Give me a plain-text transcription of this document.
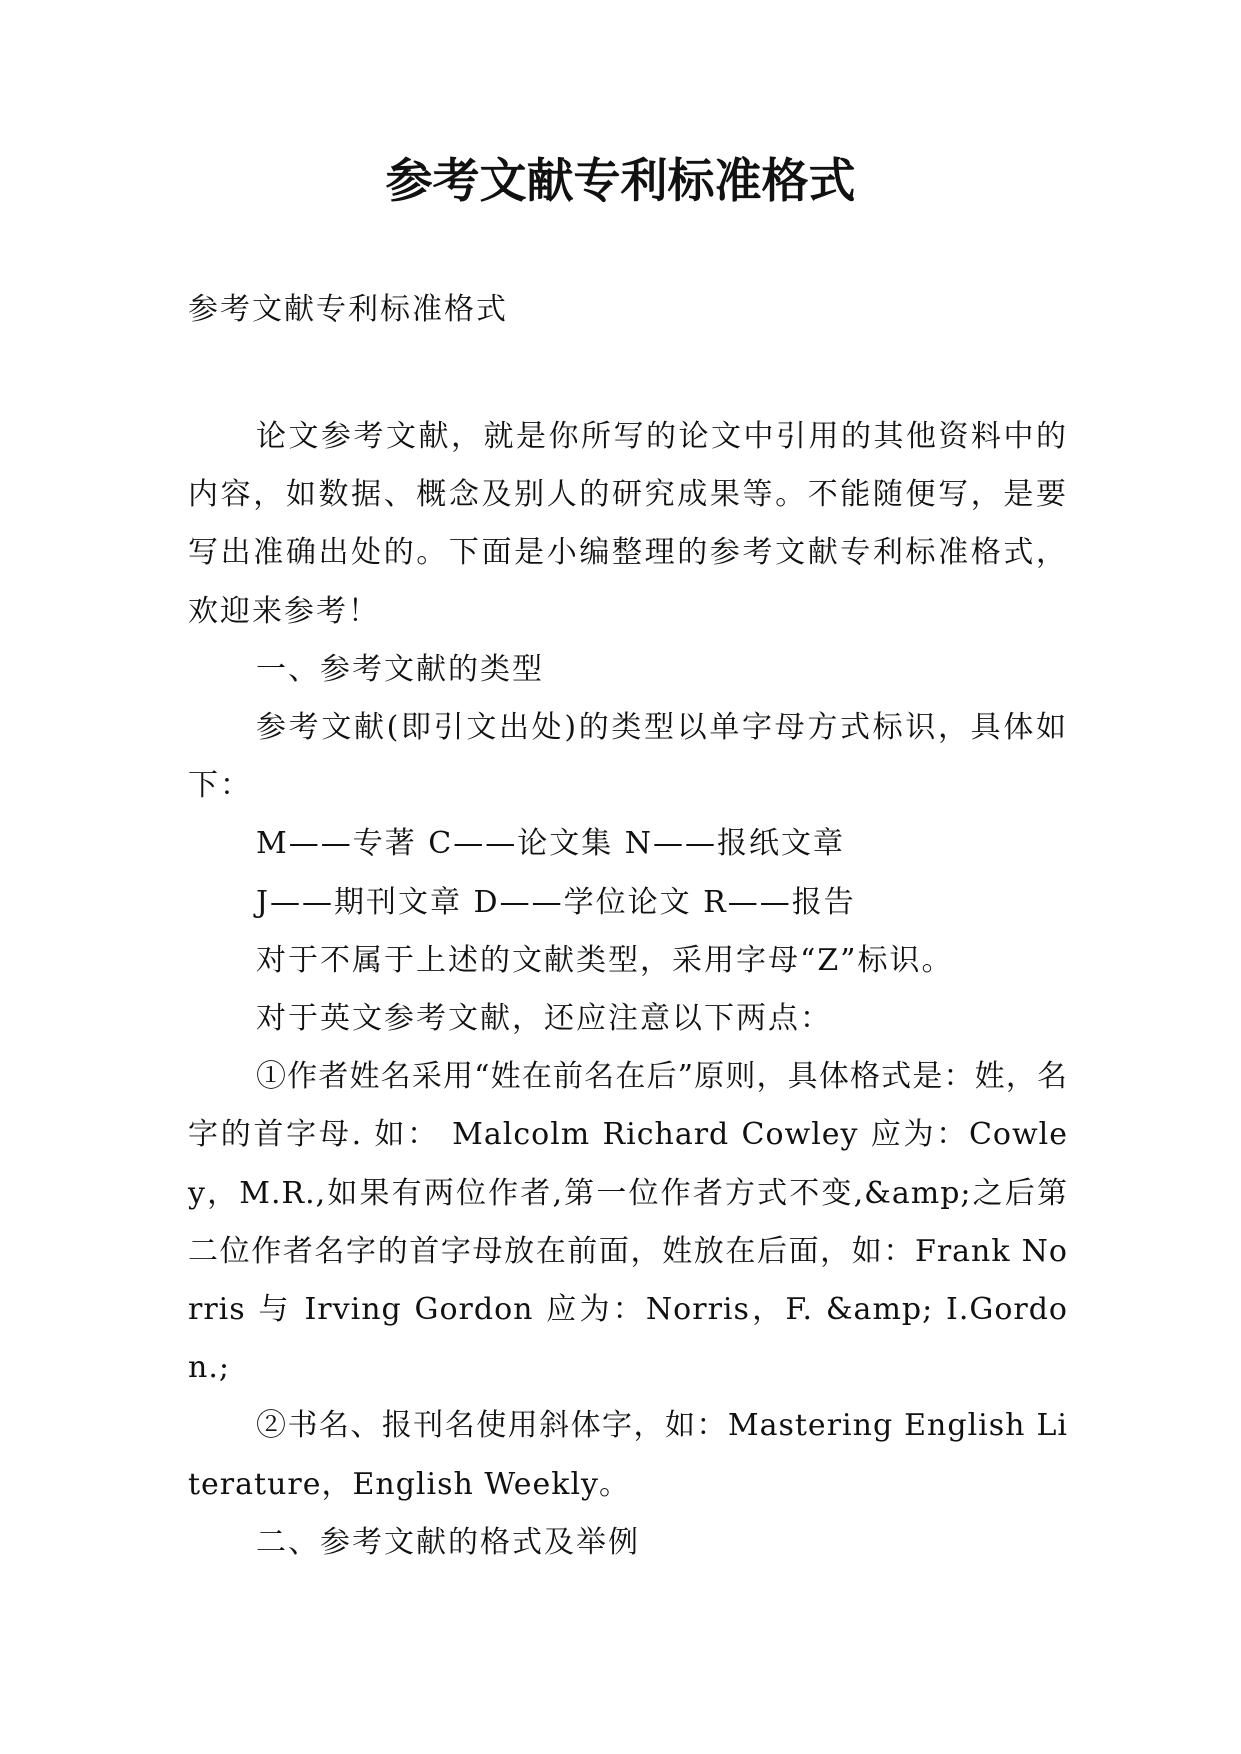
参考文献专利标准格式

参考文献专利标准格式

论文参考文献，就是你所写的论文中引用的其他资料中的内容，如数据、概念及别人的研究成果等。不能随便写，是要写出准确出处的。下面是小编整理的参考文献专利标准格式，欢迎来参考！

一、参考文献的类型

参考文献(即引文出处)的类型以单字母方式标识，具体如下：

M——专著 C——论文集 N——报纸文章

J——期刊文章 D——学位论文 R——报告

对于不属于上述的文献类型，采用字母“Z”标识。

对于英文参考文献，还应注意以下两点：

①作者姓名采用“姓在前名在后”原则，具体格式是：姓，名字的首字母. 如： Malcolm Richard Cowley 应为：Cowley，M.R.,如果有两位作者,第一位作者方式不变,&amp;之后第二位作者名字的首字母放在前面，姓放在后面，如：Frank Norris 与 Irving Gordon 应为：Norris，F. &amp; I.Gordon.;

②书名、报刊名使用斜体字，如：Mastering English Literature，English Weekly。

二、参考文献的格式及举例
